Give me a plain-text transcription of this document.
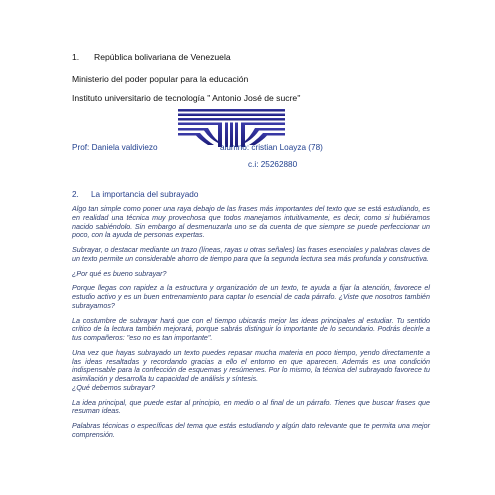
1. República bolivariana de Venezuela
Ministerio del poder popular para la educación
Instituto universitario de tecnología " Antonio José de sucre''
Prof: Daniela valdiviezo	alumno: cristian Loayza (78)
c.i: 25262880
2. La importancia del subrayado

Algo tan simple como poner una raya debajo de las frases más importantes del texto que se está estudiando, es en realidad una técnica muy provechosa que todos manejamos intuitivamente, es decir, como si hubiéramos nacido sabiéndolo. Sin embargo al desmenuzarla uno se da cuenta de que siempre se puede perfeccionar un poco, con la ayuda de personas expertas.

Subrayar, o destacar mediante un trazo (líneas, rayas u otras señales) las frases esenciales y palabras claves de un texto permite un considerable ahorro de tiempo para que la segunda lectura sea más profunda y constructiva.

¿Por qué es bueno subrayar?

Porque llegas con rapidez a la estructura y organización de un texto, te ayuda a fijar la atención, favorece el estudio activo y es un buen entrenamiento para captar lo esencial de cada párrafo. ¿Viste que nosotros también subrayamos?

La costumbre de subrayar hará que con el tiempo ubicarás mejor las ideas principales al estudiar. Tu sentido crítico de la lectura también mejorará, porque sabrás distinguir lo importante de lo secundario. Podrás decirle a tus compañeros: "eso no es tan importante".

Una vez que hayas subrayado un texto puedes repasar mucha materia en poco tiempo, yendo directamente a las ideas resaltadas y recordando gracias a ello el entorno en que aparecen. Además es una condición indispensable para la confección de esquemas y resúmenes. Por lo mismo, la técnica del subrayado favorece tu asimilación y desarrolla tu capacidad de análisis y síntesis.
¿Qué debemos subrayar?

La idea principal, que puede estar al principio, en medio o al final de un párrafo. Tienes que buscar frases que resuman ideas.

Palabras técnicas o específicas del tema que estás estudiando y algún dato relevante que te permita una mejor comprensión.
